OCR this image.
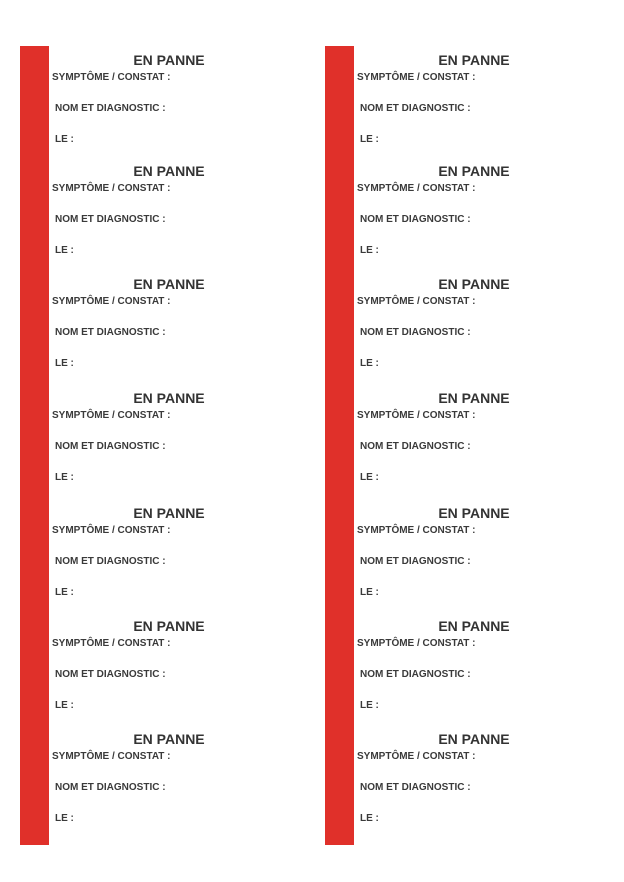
EN PANNE
SYMPTÔME / CONSTAT :
NOM ET DIAGNOSTIC :
LE :
EN PANNE
SYMPTÔME / CONSTAT :
NOM ET DIAGNOSTIC :
LE :
EN PANNE
SYMPTÔME / CONSTAT :
NOM ET DIAGNOSTIC :
LE :
EN PANNE
SYMPTÔME / CONSTAT :
NOM ET DIAGNOSTIC :
LE :
EN PANNE
SYMPTÔME / CONSTAT :
NOM ET DIAGNOSTIC :
LE :
EN PANNE
SYMPTÔME / CONSTAT :
NOM ET DIAGNOSTIC :
LE :
EN PANNE
SYMPTÔME / CONSTAT :
NOM ET DIAGNOSTIC :
LE :
EN PANNE
SYMPTÔME / CONSTAT :
NOM ET DIAGNOSTIC :
LE :
EN PANNE
SYMPTÔME / CONSTAT :
NOM ET DIAGNOSTIC :
LE :
EN PANNE
SYMPTÔME / CONSTAT :
NOM ET DIAGNOSTIC :
LE :
EN PANNE
SYMPTÔME / CONSTAT :
NOM ET DIAGNOSTIC :
LE :
EN PANNE
SYMPTÔME / CONSTAT :
NOM ET DIAGNOSTIC :
LE :
EN PANNE
SYMPTÔME / CONSTAT :
NOM ET DIAGNOSTIC :
LE :
EN PANNE
SYMPTÔME / CONSTAT :
NOM ET DIAGNOSTIC :
LE :
